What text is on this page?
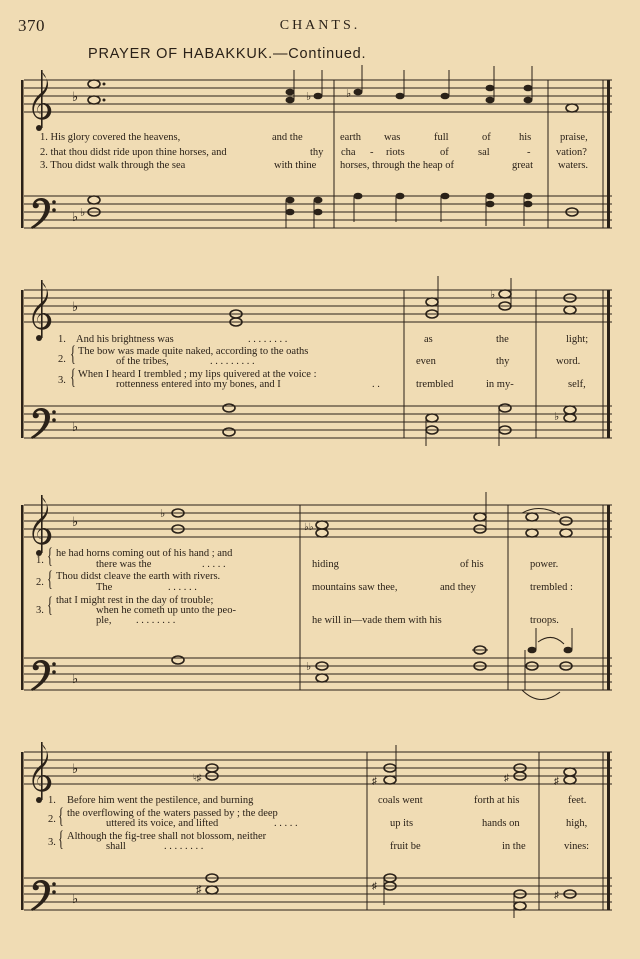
370	CHANTS.
PRAYER OF HABAKKUK.—Continued.
♭
♭
♭	♭
♭
♭
♭
♭
♭
♭
♭
♭
♭♭
♭
♭
♭
♮♯	♯	♯	♯
♯	♯
♯
1. His glory covered the heavens,	and the	earth was	full	of	his	praise,
2. that thou didst ride upon thine horses, and	thy cha - riots	of	sal	- vation?
3. Thou didst walk through the sea	with thine horses, through the heap of	great waters.
1. And his brightness was	. . . . . . . .	as	the	light;
2. { The bow was made quite naked, according to the oaths
of the tribes,	. . . . . . . . .	even	thy	word.
3. { When I heard I trembled ; my lips quivered at the voice :
rottenness entered into my bones, and I	. .	trembled	in my-	self,
1. { he had horns coming out of his hand ; and
there was the	. . . . .	hiding	of his	power.
2. { Thou didst cleave the earth with rivers.
The	. . . . . .	mountains saw thee,	and they	trembled :
3. { that I might rest in the day of trouble;
when he cometh up unto the peo-
ple, . . . . . . . .	he will in—vade them with his	troops.
1. Before him went the pestilence, and burning	coals went	forth at his	feet.
2. { the overflowing of the waters passed by ; the deep
uttered its voice, and lifted	. . . . .	up its	hands on	high,
3. { Although the fig-tree shall not blossom, neither
shall	. . . . . . . .	fruit be	in the	vines:
